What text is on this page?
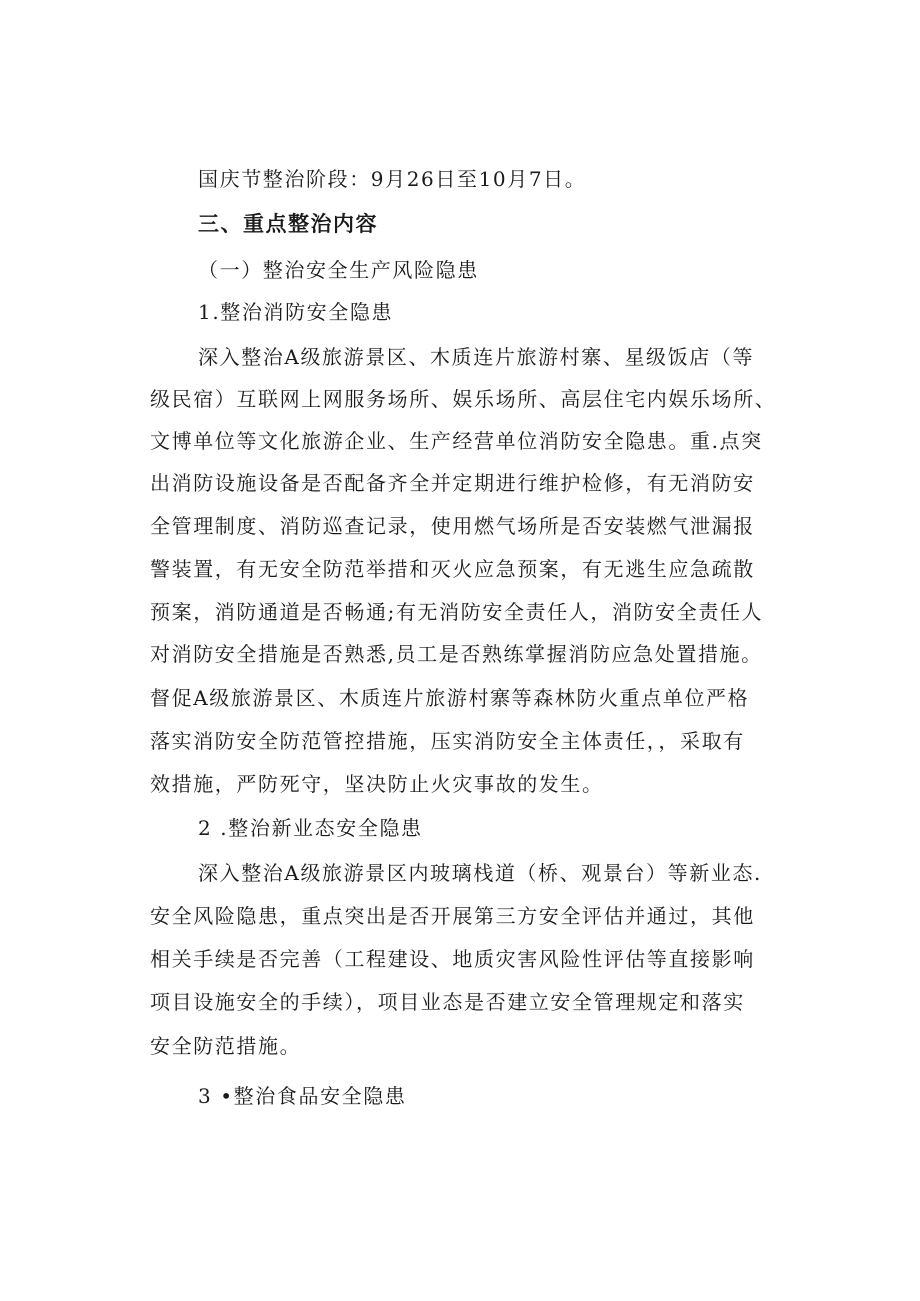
国庆节整治阶段：9月26日至10月7日。
三、重点整治内容
（一）整治安全生产风险隐患
1.整治消防安全隐患
深入整治A级旅游景区、木质连片旅游村寨、星级饭店（等
级民宿）互联网上网服务场所、娱乐场所、高层住宅内娱乐场所、
文博单位等文化旅游企业、生产经营单位消防安全隐患。重.点突
出消防设施设备是否配备齐全并定期进行维护检修，有无消防安
全管理制度、消防巡查记录，使用燃气场所是否安装燃气泄漏报
警装置，有无安全防范举措和灭火应急预案，有无逃生应急疏散
预案，消防通道是否畅通;有无消防安全责任人，消防安全责任人
对消防安全措施是否熟悉,员工是否熟练掌握消防应急处置措施。
督促A级旅游景区、木质连片旅游村寨等森林防火重点单位严格
落实消防安全防范管控措施，压实消防安全主体责任，，采取有
效措施，严防死守，坚决防止火灾事故的发生。
2 .整治新业态安全隐患
深入整治A级旅游景区内玻璃栈道（桥、观景台）等新业态.
安全风险隐患，重点突出是否开展第三方安全评估并通过，其他
相关手续是否完善（工程建设、地质灾害风险性评估等直接影响
项目设施安全的手续），项目业态是否建立安全管理规定和落实
安全防范措施。
3 •整治食品安全隐患
